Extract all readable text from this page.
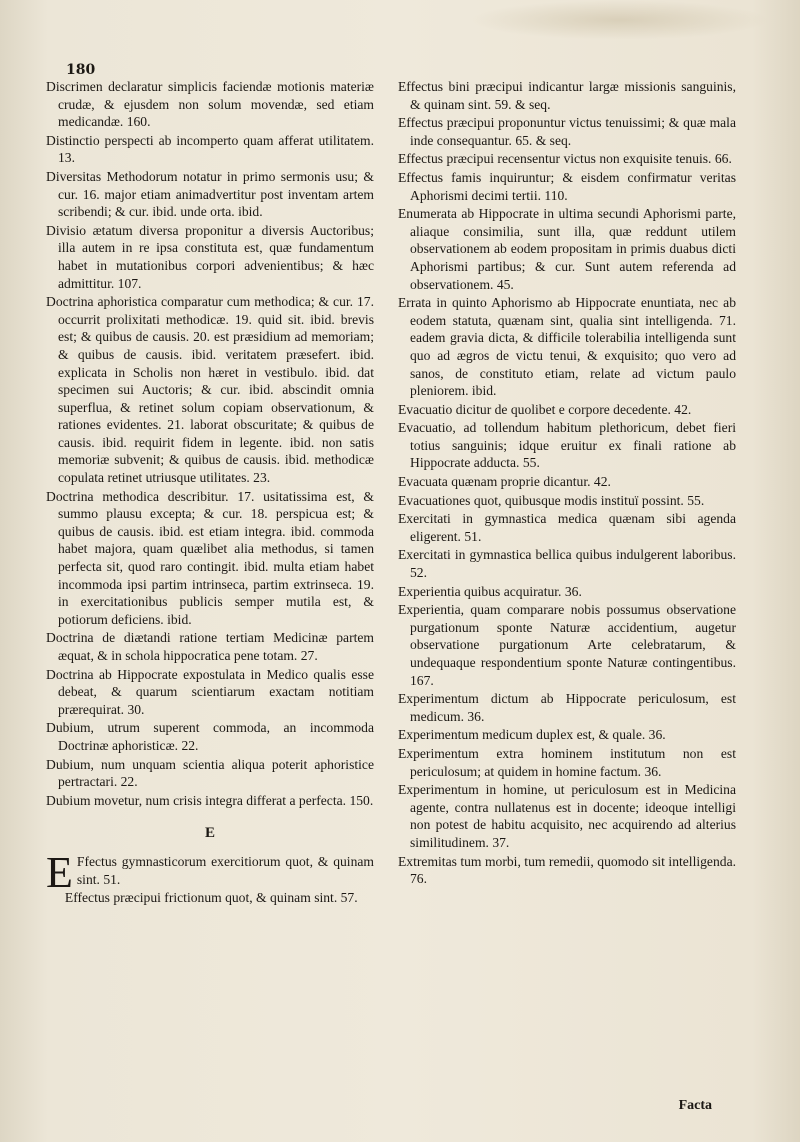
180

Discrimen declaratur simplicis faciendæ motionis materiæ crudæ, & ejusdem non solum movendæ, sed etiam medicandæ. 160.

Distinctio perspecti ab incomperto quam afferat utilitatem. 13.

Diversitas Methodorum notatur in primo sermonis usu; & cur. 16. major etiam animadvertitur post inventam artem scribendi; & cur. ibid. unde orta. ibid.

Divisio ætatum diversa proponitur a diversis Auctoribus; illa autem in re ipsa constituta est, quæ fundamentum habet in mutationibus corpori advenientibus; & hæc admittitur. 107.

Doctrina aphoristica comparatur cum methodica; & cur. 17. occurrit prolixitati methodicæ. 19. quid sit. ibid. brevis est; & quibus de causis. 20. est præsidium ad memoriam; & quibus de causis. ibid. veritatem præsefert. ibid. explicata in Scholis non hæret in vestibulo. ibid. dat specimen sui Auctoris; & cur. ibid. abscindit omnia superflua, & retinet solum copiam observationum, & rationes evidentes. 21. laborat obscuritate; & quibus de causis. ibid. requirit fidem in legente. ibid. non satis memoriæ subvenit; & quibus de causis. ibid. methodicæ copulata retinet utriusque utilitates. 23.

Doctrina methodica describitur. 17. usitatissima est, & summo plausu excepta; & cur. 18. perspicua est; & quibus de causis. ibid. est etiam integra. ibid. commoda habet majora, quam quælibet alia methodus, si tamen perfecta sit, quod raro contingit. ibid. multa etiam habet incommoda ipsi partim intrinseca, partim extrinseca. 19. in exercitationibus publicis semper mutila est, & potiorum deficiens. ibid.

Doctrina de diætandi ratione tertiam Medicinæ partem æquat, & in schola hippocratica pene totam. 27.

Doctrina ab Hippocrate expostulata in Medico qualis esse debeat, & quarum scientiarum exactam notitiam prærequirat. 30.

Dubium, utrum superent commoda, an incommoda Doctrinæ aphoristicæ. 22.

Dubium, num unquam scientia aliqua poterit aphoristice pertractari. 22.

Dubium movetur, num crisis integra differat a perfecta. 150.

E

E Ffectus gymnasticorum exercitiorum quot, & quinam sint. 51.

Effectus præcipui frictionum quot, & quinam sint. 57.

Effectus bini præcipui indicantur largæ missionis sanguinis, & quinam sint. 59. & seq.

Effectus præcipui proponuntur victus tenuissimi; & quæ mala inde consequantur. 65. & seq.

Effectus præcipui recensentur victus non exquisite tenuis. 66.

Effectus famis inquiruntur; & eisdem confirmatur veritas Aphorismi decimi tertii. 110.

Enumerata ab Hippocrate in ultima secundi Aphorismi parte, aliaque consimilia, sunt illa, quæ reddunt utilem observationem ab eodem propositam in primis duabus dicti Aphorismi partibus; & cur. Sunt autem referenda ad observationem. 45.

Errata in quinto Aphorismo ab Hippocrate enuntiata, nec ab eodem statuta, quænam sint, qualia sint intelligenda. 71. eadem gravia dicta, & difficile tolerabilia intelligenda sunt quo ad ægros de victu tenui, & exquisito; quo vero ad sanos, de constituto etiam, relate ad victum paulo pleniorem. ibid.

Evacuatio dicitur de quolibet e corpore decedente. 42.

Evacuatio, ad tollendum habitum plethoricum, debet fieri totius sanguinis; idque eruitur ex finali ratione ab Hippocrate adducta. 55.

Evacuata quænam proprie dicantur. 42.

Evacuationes quot, quibusque modis instituï possint. 55.

Exercitati in gymnastica medica quænam sibi agenda eligerent. 51.

Exercitati in gymnastica bellica quibus indulgerent laboribus. 52.

Experientia quibus acquiratur. 36.

Experientia, quam comparare nobis possumus observatione purgationum sponte Naturæ accidentium, augetur observatione purgationum Arte celebratarum, & undequaque respondentium sponte Naturæ contingentibus. 167.

Experimentum dictum ab Hippocrate periculosum, est medicum. 36.

Experimentum medicum duplex est, & quale. 36.

Experimentum extra hominem institutum non est periculosum; at quidem in homine factum. 36.

Experimentum in homine, ut periculosum est in Medicina agente, contra nullatenus est in docente; ideoque intelligi non potest de habitu acquisito, nec acquirendo ad alterius similitudinem. 37.

Extremitas tum morbi, tum remedii, quomodo sit intelligenda. 76.

Facta
